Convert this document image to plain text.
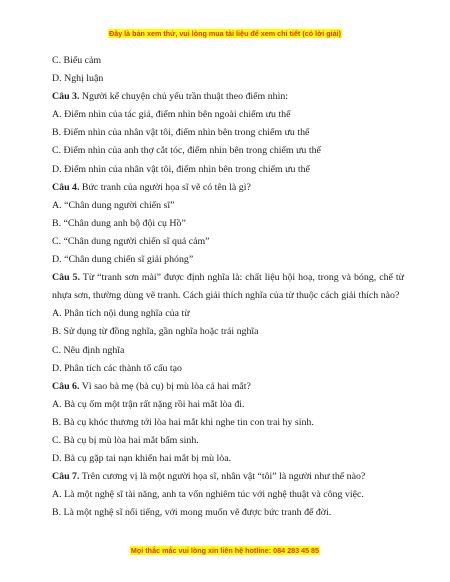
Đây là bản xem thử, vui lòng mua tài liệu để xem chi tiết (có lời giải)
C. Biểu cảm
D. Nghị luận
Câu 3. Người kể chuyện chủ yếu trần thuật theo điểm nhìn:
A. Điểm nhìn của tác giả, điểm nhìn bên ngoài chiếm ưu thế
B. Điểm nhìn của nhân vật tôi, điểm nhìn bên trong chiếm ưu thế
C. Điểm nhìn của anh thợ cắt tóc, điểm nhìn bên trong chiếm ưu thế
D. Điểm nhìn của nhân vật tôi, điểm nhìn bên trong chiếm ưu thế
Câu 4. Bức tranh của người họa sĩ vẽ có tên là gì?
A. “Chân dung người chiến sĩ”
B. “Chân dung anh bộ đội cụ Hồ”
C. “Chân dung người chiến sĩ quả cảm”
D. “Chân dung chiến sĩ giải phóng”
Câu 5. Từ “tranh sơn mài” được định nghĩa là: chất liệu hội hoạ, trong và bóng, chế từ nhựa sơn, thường dùng vẽ tranh. Cách giải thích nghĩa của từ thuộc cách giải thích nào?
A. Phân tích nội dung nghĩa của từ
B. Sử dụng từ đồng nghĩa, gần nghĩa hoặc trái nghĩa
C. Nêu định nghĩa
D. Phân tích các thành tố cấu tạo
Câu 6. Vì sao bà mẹ (bà cụ) bị mù lòa cả hai mắt?
A. Bà cụ ốm một trận rất nặng rồi hai mắt lòa đi.
B. Bà cụ khóc thương tới lòa hai mắt khi nghe tin con trai hy sinh.
C. Bà cụ bị mù lòa hai mắt bẩm sinh.
D. Bà cụ gặp tai nạn khiến hai mắt bị mù lòa.
Câu 7. Trên cương vị là một người họa sĩ, nhân vật “tôi” là người như thế nào?
A. Là một nghệ sĩ tài năng, anh ta vốn nghiêm túc với nghệ thuật và công việc.
B. Là một nghệ sĩ nổi tiếng, với mong muốn vẽ được bức tranh để đời.
Mọi thắc mắc vui lòng xin liên hệ hotline: 084 283 45 85
